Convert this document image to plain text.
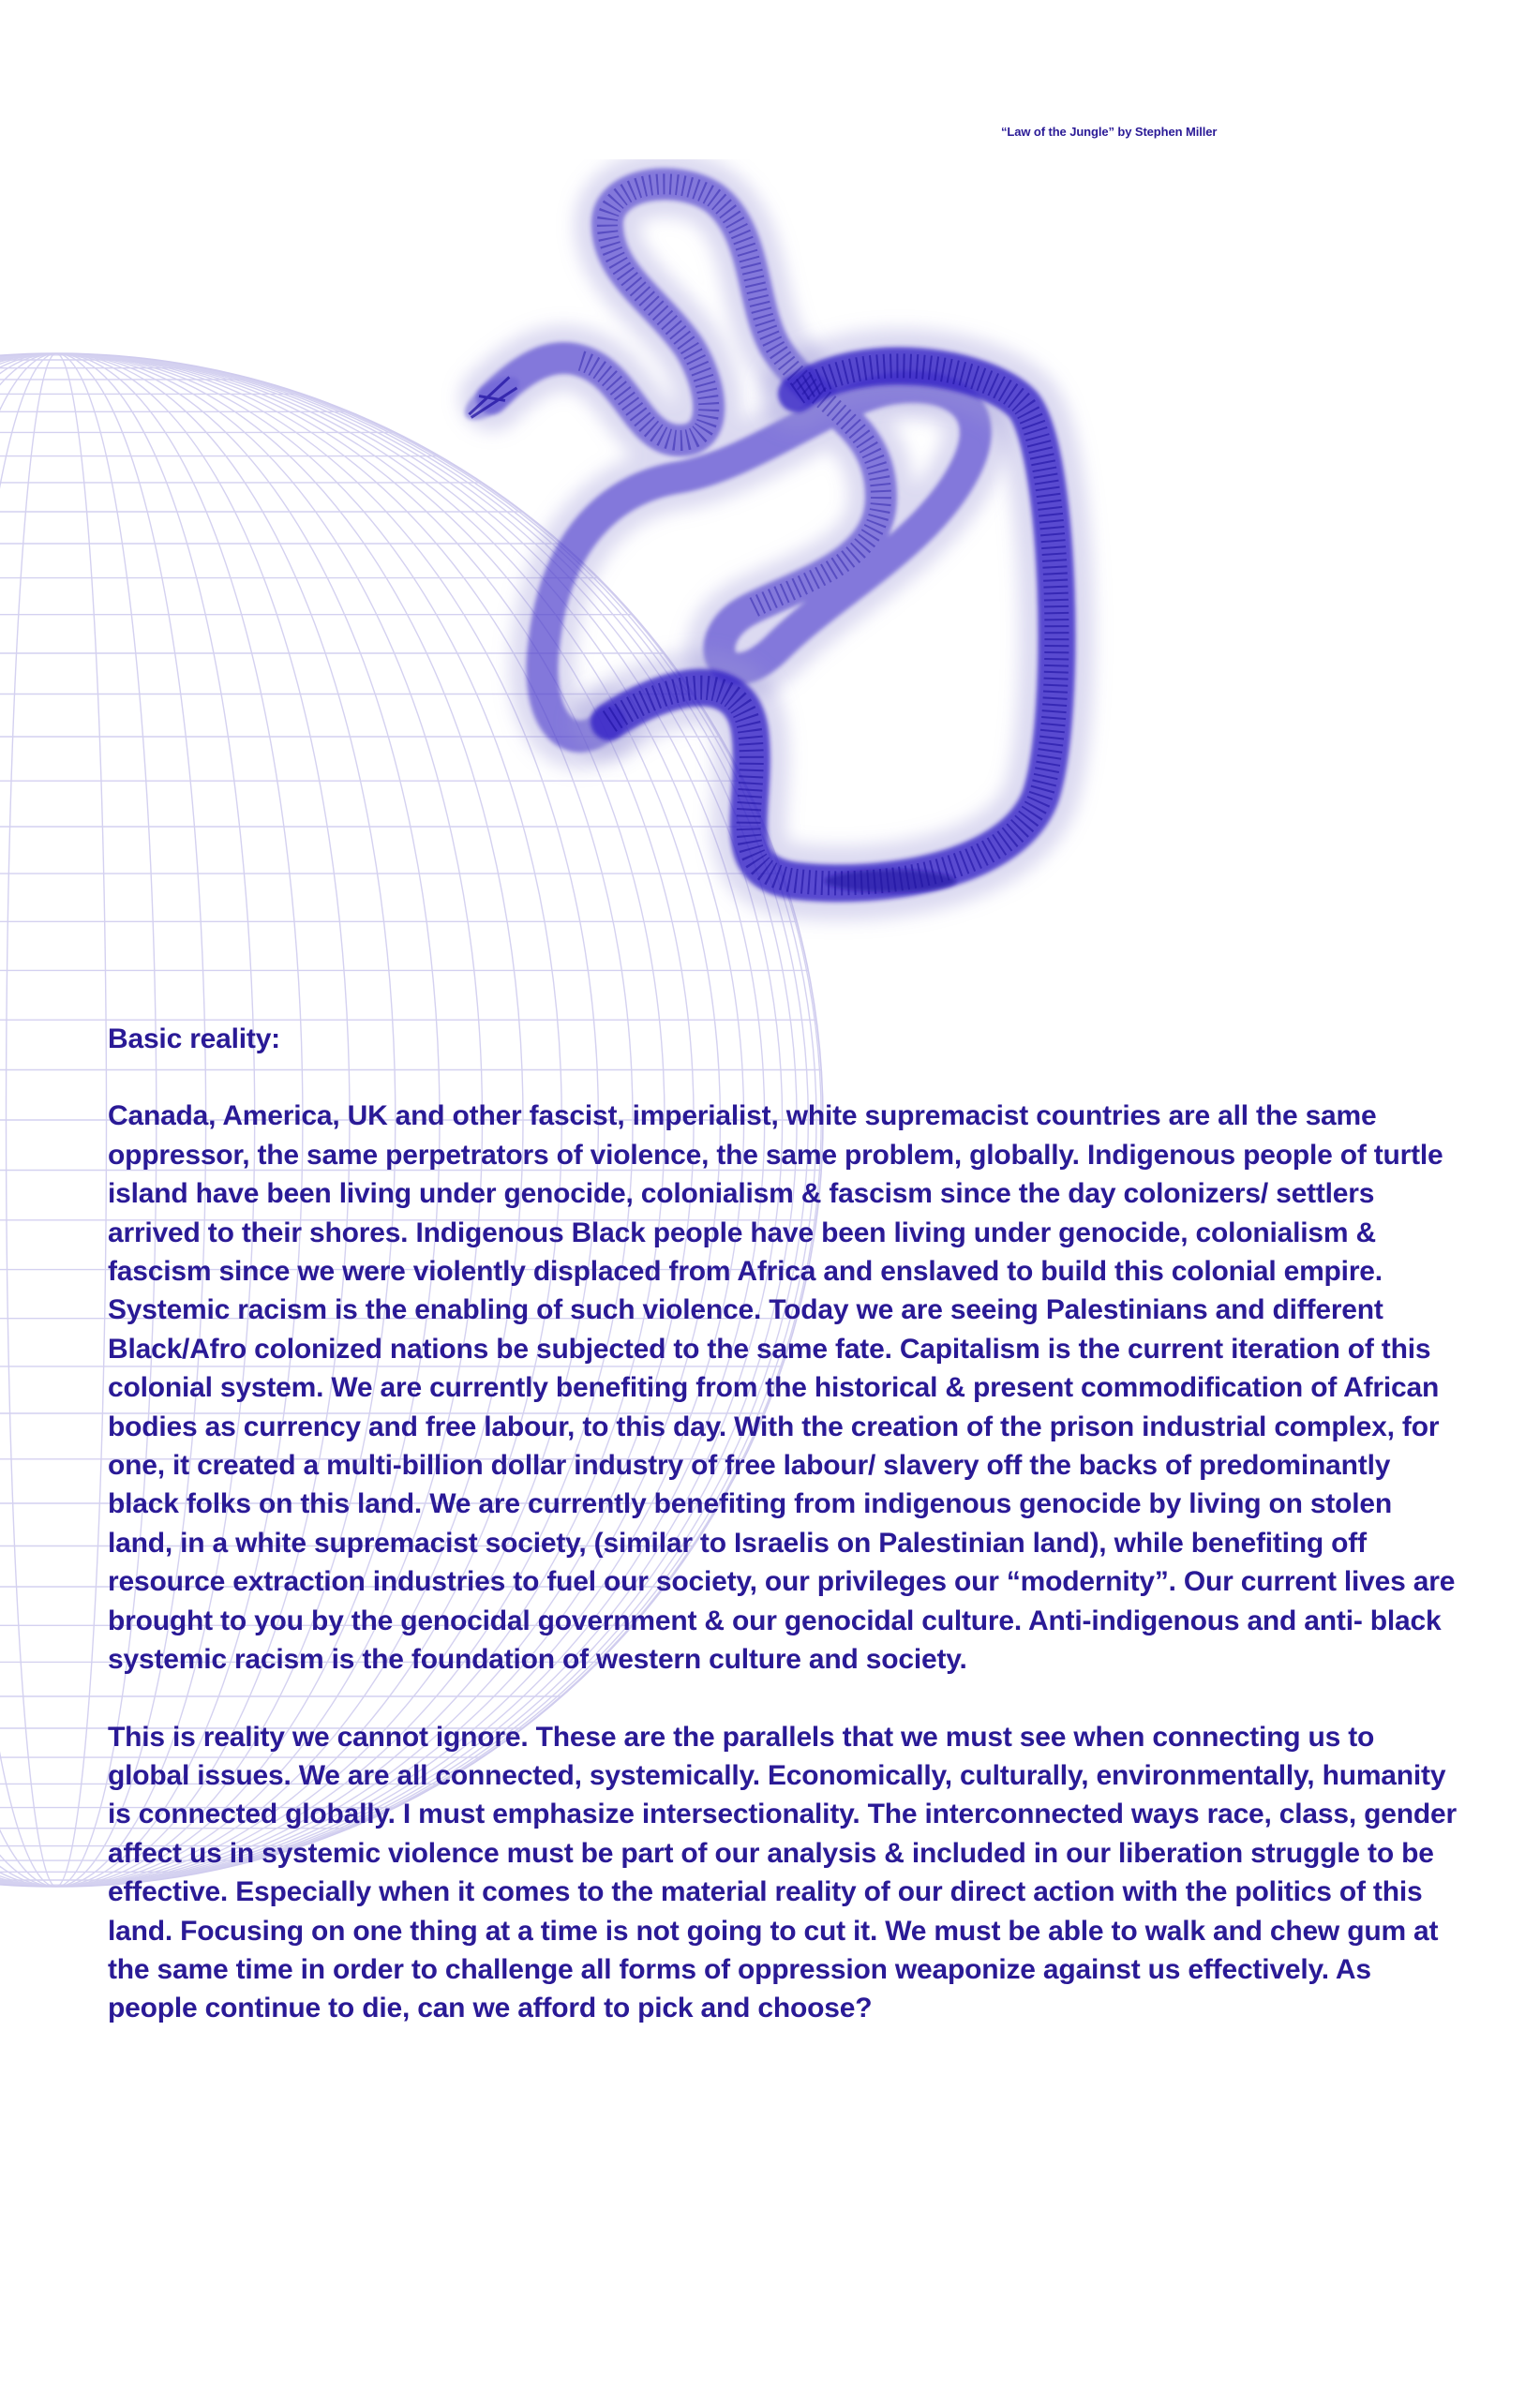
“Law of the Jungle” by Stephen Miller

Basic reality:

Canada, America, UK and other fascist, imperialist, white supremacist countries are all the same oppressor, the same perpetrators of violence, the same problem, globally. Indigenous people of turtle island have been living under genocide, colonialism & fascism since the day colonizers/ settlers arrived to their shores. Indigenous Black people have been living under genocide, colonialism & fascism since we were violently displaced from Africa and enslaved to build this colonial empire. Systemic racism is the enabling of such violence. Today we are seeing Palestinians and different Black/Afro colonized nations be subjected to the same fate. Capitalism is the current iteration of this colonial system. We are currently benefiting from the historical & present commodification of African bodies as currency and free labour, to this day. With the creation of the prison industrial complex, for one, it created a multi-billion dollar industry of free labour/ slavery off the backs of predominantly black folks on this land. We are currently benefiting from indigenous genocide by living on stolen land, in a white supremacist society, (similar to Israelis on Palestinian land), while benefiting off resource extraction industries to fuel our society, our privileges our “modernity”. Our current lives are brought to you by the genocidal government & our genocidal culture. Anti-indigenous and anti- black systemic racism is the foundation of western culture and society.

This is reality we cannot ignore. These are the parallels that we must see when connecting us to global issues. We are all connected, systemically. Economically, culturally, environmentally, humanity is connected globally. I must emphasize intersectionality. The interconnected ways race, class, gender affect us in systemic violence must be part of our analysis & included in our liberation struggle to be effective. Especially when it comes to the material reality of our direct action with the politics of this land. Focusing on one thing at a time is not going to cut it. We must be able to walk and chew gum at the same time in order to challenge all forms of oppression weaponize against us effectively. As people continue to die, can we afford to pick and choose?
